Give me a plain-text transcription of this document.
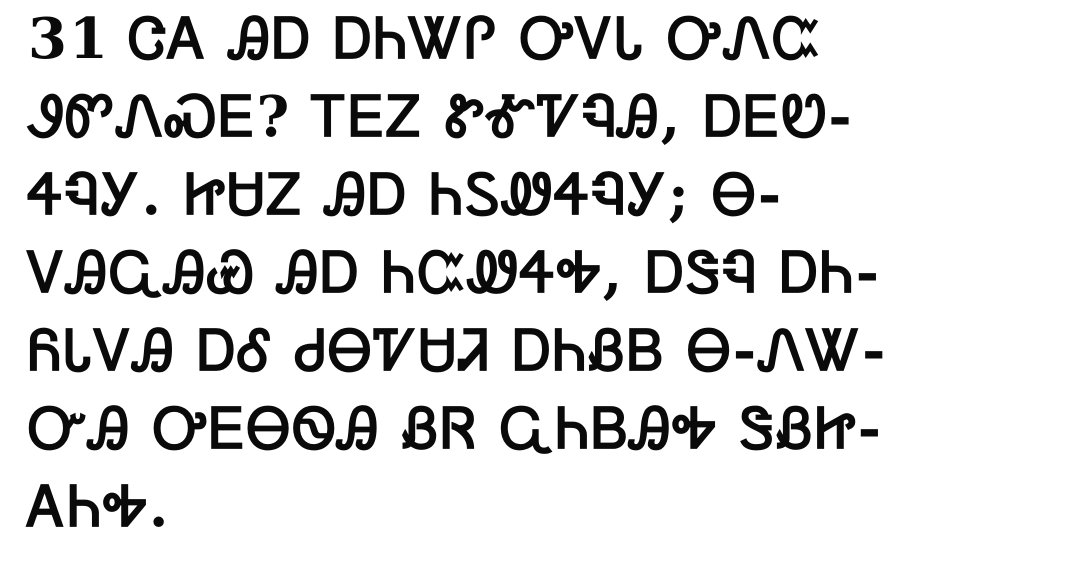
31 ᏣᎪ ᎯᎠ ᎠᏂᏔᎵ ᎤᏙᏓ ᎤᏁᏨ
ᏭᏛᏁᏍᎬ? ᎢᎬᏃ ᏑᎹᏤᏄᎯ, ᎠᎬᏬ-
ᏎᏄᎩ. ᏥᏌᏃ ᎯᎠ ᏂᏚᏪᏎᏄᎩ; Ꮎ-
ᏙᎯᏩᎯᏯ ᎯᎠ ᏂᏨᏪᏎᎭ, ᎠᏕᏄ ᎠᏂ-
ᏲᏓᏙᎯ ᎠᎴ ᏧᎾᏤᏌᏘ ᎠᏂᏰᏴ Ꮎ-ᏁᏔ-
ᏅᎯ ᎤᎬᎾᏫᎯ ᏰᏒ ᏩᏂᏴᎯᎭ ᏕᏰᏥ-
ᎪᏂᎭ.
